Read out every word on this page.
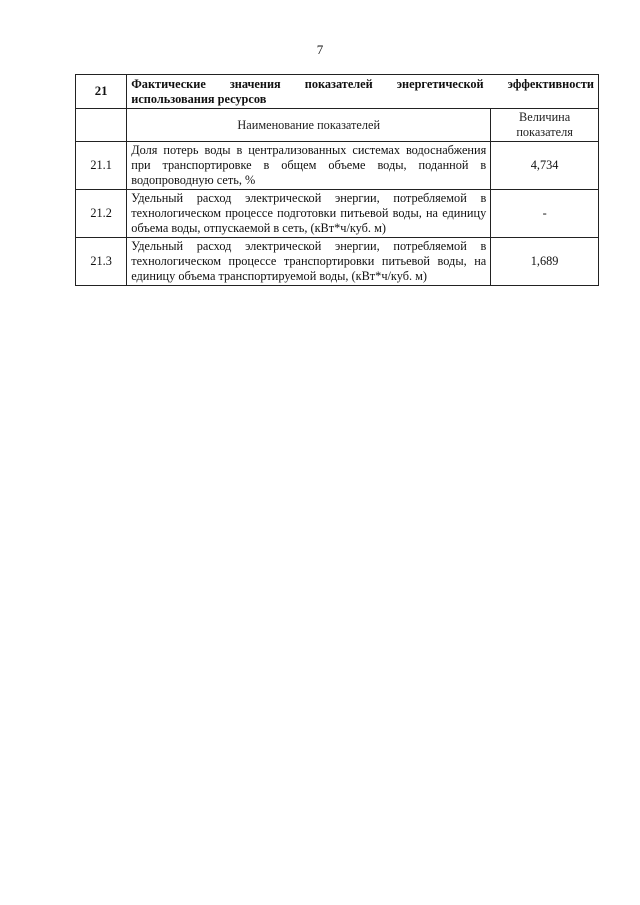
7
21	Фактические значения показателей энергетической эффективности
использования ресурсов	
	Наименование показателей	Величина показателя
21.1	Доля потерь воды в централизованных системах водоснабжения при транспортировке в общем объеме воды, поданной в водопроводную сеть, %	4,734
21.2	Удельный расход электрической энергии, потребляемой в технологическом процессе подготовки питьевой воды, на единицу объема воды, отпускаемой в сеть, (кВт*ч/куб. м)	-
21.3	Удельный расход электрической энергии, потребляемой в технологическом процессе транспортировки питьевой воды, на единицу объема транспортируемой воды, (кВт*ч/куб. м)	1,689
